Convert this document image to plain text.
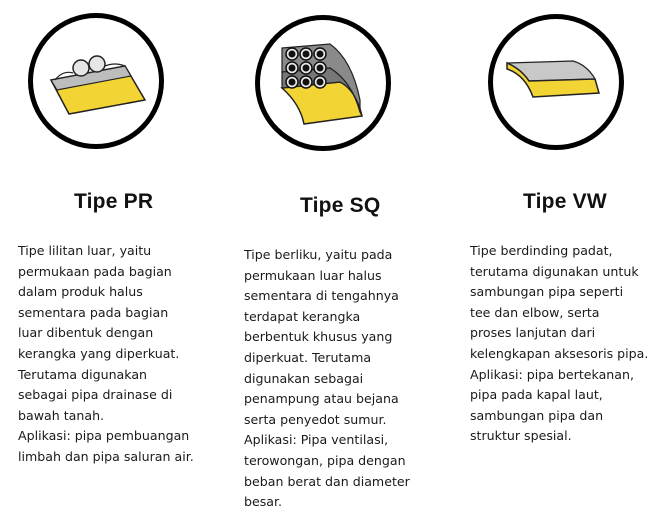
Tipe PR

Tipe lilitan luar, yaitu

permukaan pada bagian

dalam produk halus

sementara pada bagian

luar dibentuk dengan

kerangka yang diperkuat.

Terutama digunakan

sebagai pipa drainase di

bawah tanah.

Aplikasi: pipa pembuangan

limbah dan pipa saluran air.

Tipe SQ

Tipe berliku, yaitu pada

permukaan luar halus

sementara di tengahnya

terdapat kerangka

berbentuk khusus yang

diperkuat. Terutama

digunakan sebagai

penampung atau bejana

serta penyedot sumur.

Aplikasi: Pipa ventilasi,

terowongan, pipa dengan

beban berat dan diameter

besar.

Tipe VW

Tipe berdinding padat,

terutama digunakan untuk

sambungan pipa seperti

tee dan elbow, serta

proses lanjutan dari

kelengkapan aksesoris pipa.

Aplikasi: pipa bertekanan,

pipa pada kapal laut,

sambungan pipa dan

struktur spesial.
